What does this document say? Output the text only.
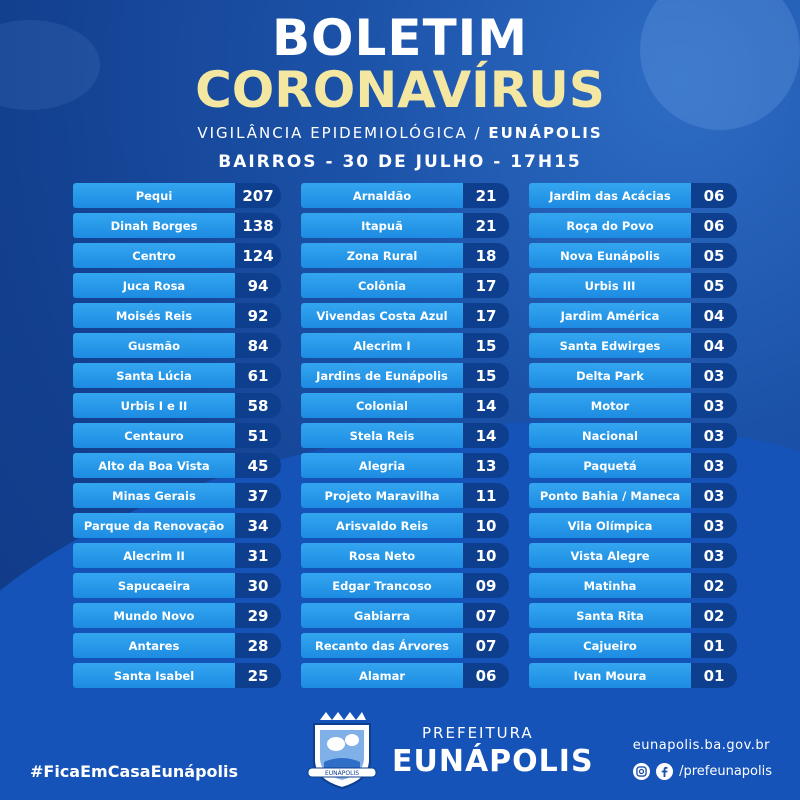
BOLETIM
CORONAVÍRUS
VIGILÂNCIA EPIDEMIOLÓGICA / EUNÁPOLIS
BAIRROS - 30 DE JULHO - 17H15
Pequi	207
Dinah Borges	138
Centro	124
Juca Rosa	94
Moisés Reis	92
Gusmão	84
Santa Lúcia	61
Urbis I e II	58
Centauro	51
Alto da Boa Vista	45
Minas Gerais	37
Parque da Renovação	34
Alecrim II	31
Sapucaeira	30
Mundo Novo	29
Antares	28
Santa Isabel	25
Arnaldão	21
Itapuã	21
Zona Rural	18
Colônia	17
Vivendas Costa Azul	17
Alecrim I	15
Jardins de Eunápolis	15
Colonial	14
Stela Reis	14
Alegria	13
Projeto Maravilha	11
Arisvaldo Reis	10
Rosa Neto	10
Edgar Trancoso	09
Gabiarra	07
Recanto das Árvores	07
Alamar	06
Jardim das Acácias	06
Roça do Povo	06
Nova Eunápolis	05
Urbis III	05
Jardim América	04
Santa Edwirges	04
Delta Park	03
Motor	03
Nacional	03
Paquetá	03
Ponto Bahia / Maneca	03
Vila Olímpica	03
Vista Alegre	03
Matinha	02
Santa Rita	02
Cajueiro	01
Ivan Moura	01
#FicaEmCasaEunápolis	EUNÁPOLIS
PREFEITURA
EUNÁPOLIS	eunapolis.ba.gov.br
/prefeunapolis
